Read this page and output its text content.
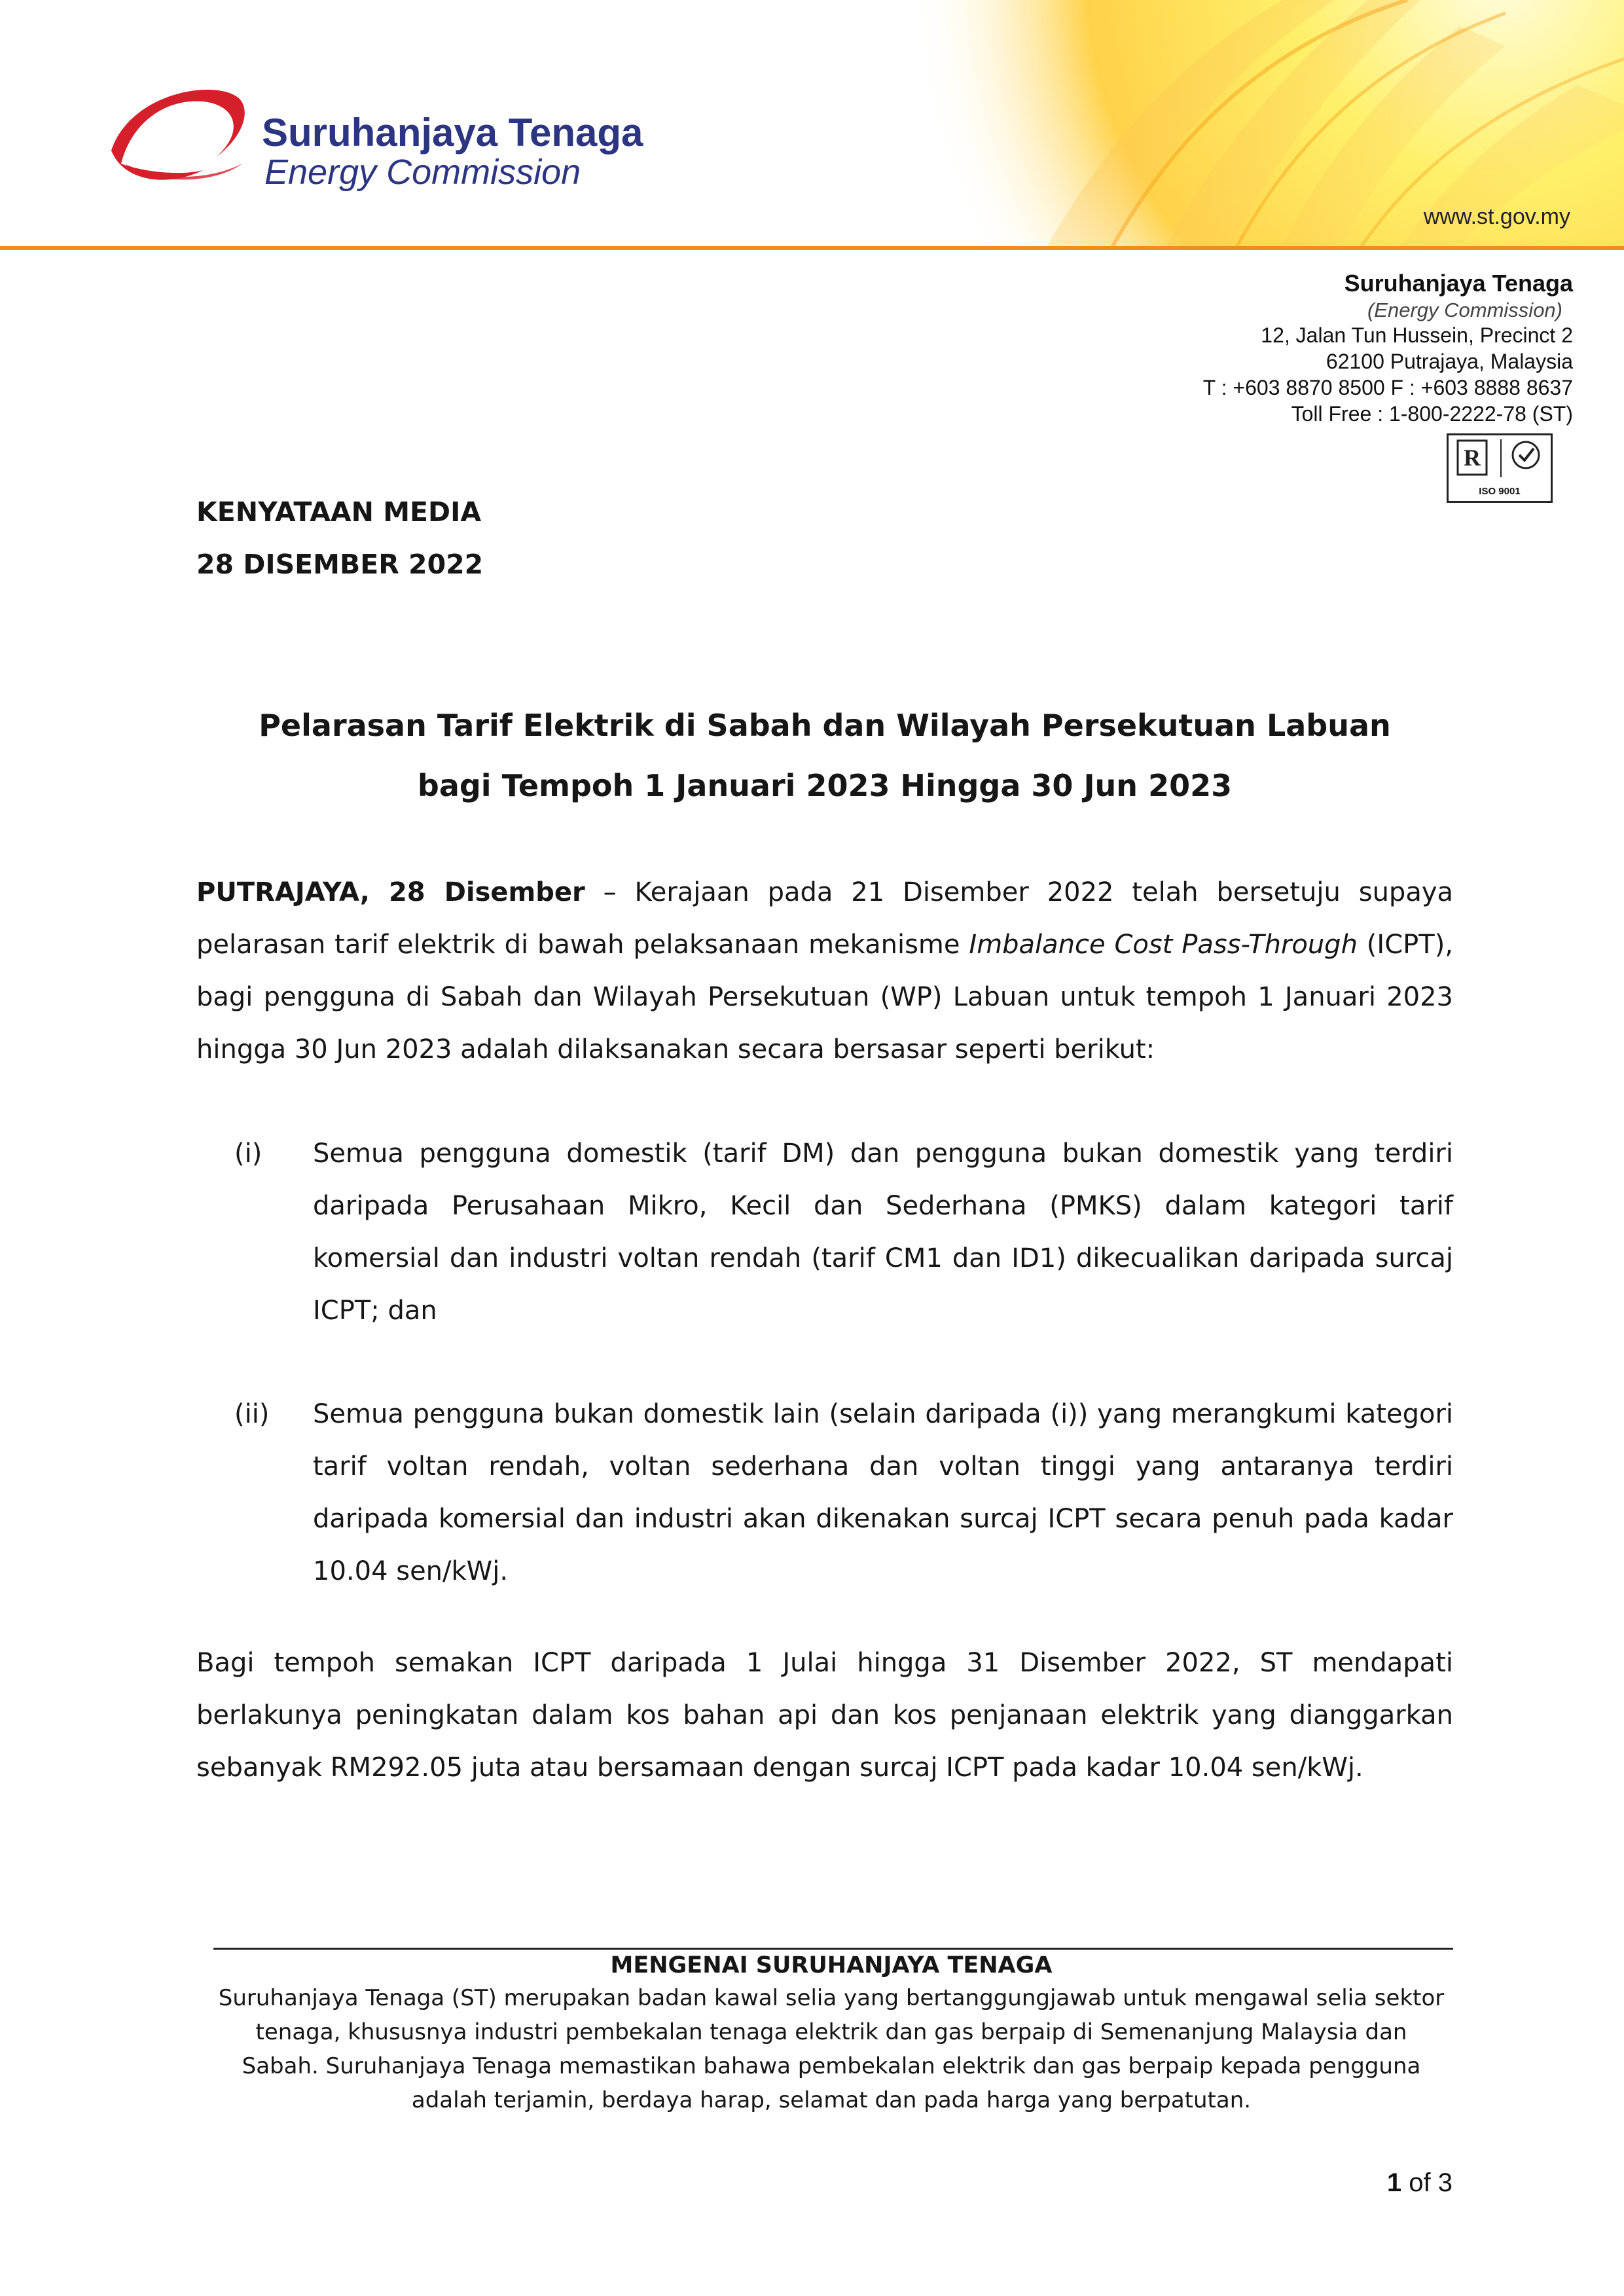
Suruhanjaya Tenaga

Energy Commission

www.st.gov.my
Suruhanjaya Tenaga
(Energy Commission)
12, Jalan Tun Hussein, Precinct 2
62100 Putrajaya, Malaysia
T : +603 8870 8500 F : +603 8888 8637
Toll Free : 1-800-2222-78 (ST)
R
ISO 9001
KENYATAAN MEDIA
28 DISEMBER 2022
Pelarasan Tarif Elektrik di Sabah dan Wilayah Persekutuan Labuan
bagi Tempoh 1 Januari 2023 Hingga 30 Jun 2023
PUTRAJAYA, 28 Disember – Kerajaan pada 21 Disember 2022 telah bersetuju supaya pelarasan tarif elektrik di bawah pelaksanaan mekanisme Imbalance Cost Pass-Through (ICPT), bagi pengguna di Sabah dan Wilayah Persekutuan (WP) Labuan untuk tempoh 1 Januari 2023 hingga 30 Jun 2023 adalah dilaksanakan secara bersasar seperti berikut:
(i) Semua pengguna domestik (tarif DM) dan pengguna bukan domestik yang terdiri daripada Perusahaan Mikro, Kecil dan Sederhana (PMKS) dalam kategori tarif komersial dan industri voltan rendah (tarif CM1 dan ID1) dikecualikan daripada surcaj ICPT; dan
(ii) Semua pengguna bukan domestik lain (selain daripada (i)) yang merangkumi kategori tarif voltan rendah, voltan sederhana dan voltan tinggi yang antaranya terdiri daripada komersial dan industri akan dikenakan surcaj ICPT secara penuh pada kadar 10.04 sen/kWj.
Bagi tempoh semakan ICPT daripada 1 Julai hingga 31 Disember 2022, ST mendapati berlakunya peningkatan dalam kos bahan api dan kos penjanaan elektrik yang dianggarkan sebanyak RM292.05 juta atau bersamaan dengan surcaj ICPT pada kadar 10.04 sen/kWj.
MENGENAI SURUHANJAYA TENAGA
Suruhanjaya Tenaga (ST) merupakan badan kawal selia yang bertanggungjawab untuk mengawal selia sektor tenaga, khususnya industri pembekalan tenaga elektrik dan gas berpaip di Semenanjung Malaysia dan Sabah. Suruhanjaya Tenaga memastikan bahawa pembekalan elektrik dan gas berpaip kepada pengguna adalah terjamin, berdaya harap, selamat dan pada harga yang berpatutan.
1 of 3
